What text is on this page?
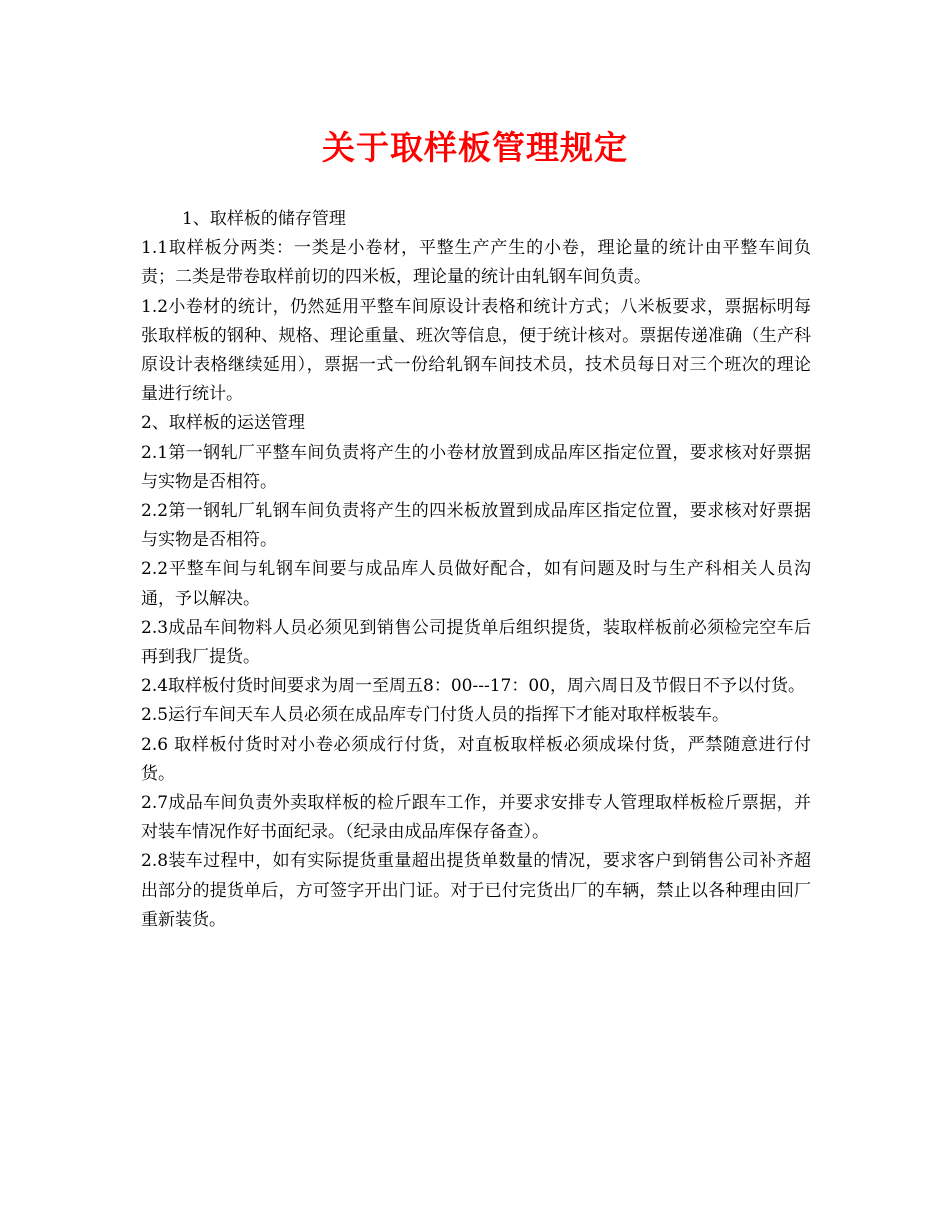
关于取样板管理规定

1、取样板的储存管理

1.1取样板分两类：一类是小卷材，平整生产产生的小卷，理论量的统计由平整车间负责；二类是带卷取样前切的四米板，理论量的统计由轧钢车间负责。

1.2小卷材的统计，仍然延用平整车间原设计表格和统计方式；八米板要求，票据标明每张取样板的钢种、规格、理论重量、班次等信息，便于统计核对。票据传递准确（生产科原设计表格继续延用），票据一式一份给轧钢车间技术员，技术员每日对三个班次的理论量进行统计。

2、取样板的运送管理

2.1第一钢轧厂平整车间负责将产生的小卷材放置到成品库区指定位置，要求核对好票据与实物是否相符。

2.2第一钢轧厂轧钢车间负责将产生的四米板放置到成品库区指定位置，要求核对好票据与实物是否相符。

2.2平整车间与轧钢车间要与成品库人员做好配合，如有问题及时与生产科相关人员沟通，予以解决。

2.3成品车间物料人员必须见到销售公司提货单后组织提货，装取样板前必须检完空车后再到我厂提货。

2.4取样板付货时间要求为周一至周五8：00---17：00，周六周日及节假日不予以付货。

2.5运行车间天车人员必须在成品库专门付货人员的指挥下才能对取样板装车。

2.6 取样板付货时对小卷必须成行付货，对直板取样板必须成垛付货，严禁随意进行付货。

2.7成品车间负责外卖取样板的检斤跟车工作，并要求安排专人管理取样板检斤票据，并对装车情况作好书面纪录。（纪录由成品库保存备查）。

2.8装车过程中，如有实际提货重量超出提货单数量的情况，要求客户到销售公司补齐超出部分的提货单后，方可签字开出门证。对于已付完货出厂的车辆，禁止以各种理由回厂重新装货。
